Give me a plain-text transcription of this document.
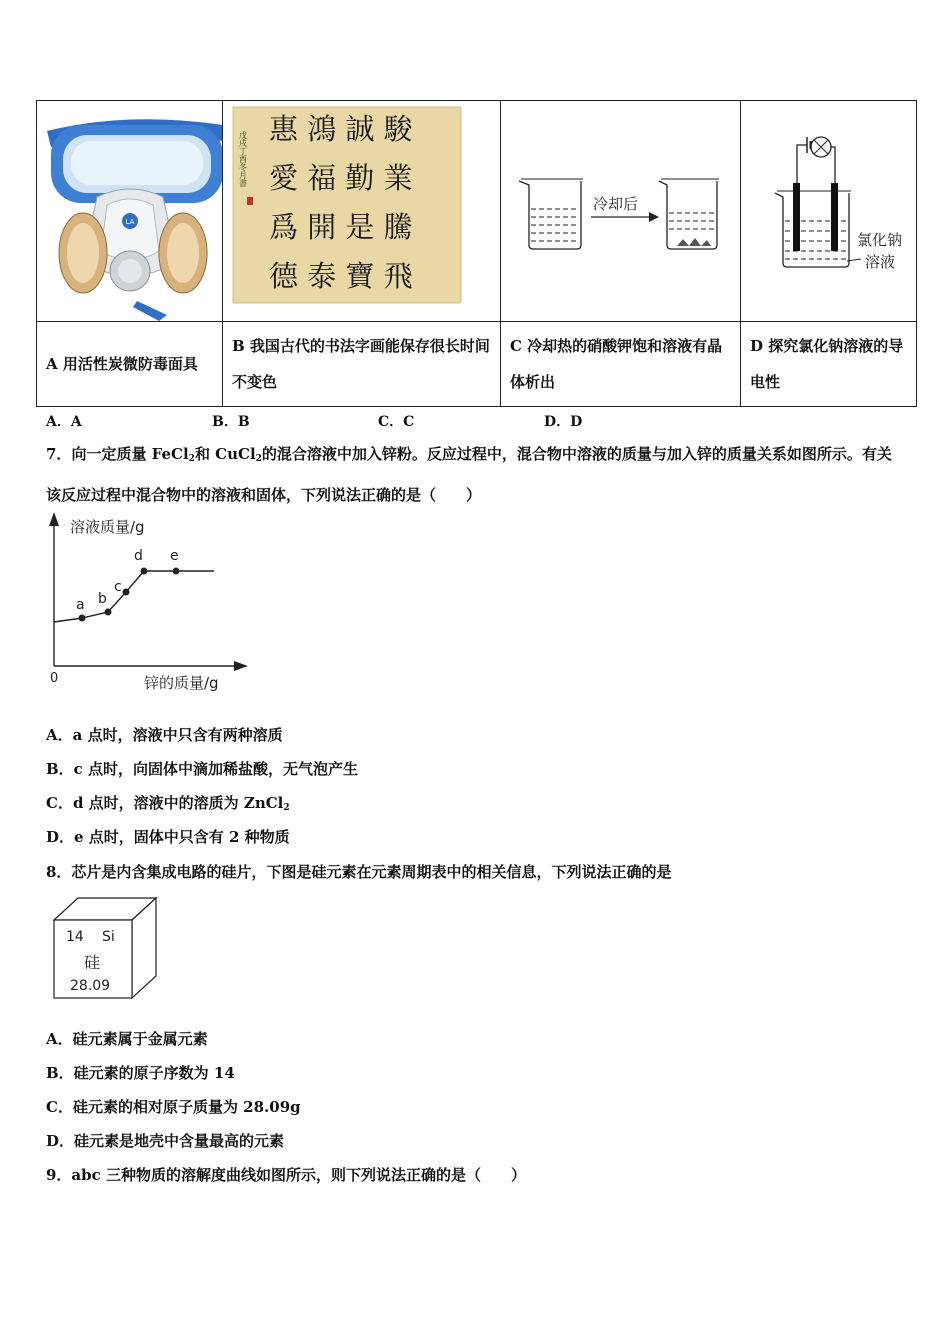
LA	戊戌丁酉冬月書
惠 鴻 誠 駿
愛 福 勤 業
爲 開 是 騰
德 泰 寶 飛	冷却后	氯化钠
溶液

A 用活性炭微防毒面具	B 我国古代的书法字画能保存很长时间不变色	C 冷却热的硝酸钾饱和溶液有晶体析出	D 探究氯化钠溶液的导电性
A．A	B．B	C．C	D．D
7．向一定质量 FeCl$_2$和 CuCl$_2$的混合溶液中加入锌粉。反应过程中，混合物中溶液的质量与加入锌的质量关系如图所示。有关该反应过程中混合物中的溶液和固体，下列说法正确的是（　　）
溶液质量/g
锌的质量/g
0
a b
c
d e
A．a 点时，溶液中只含有两种溶质
B．c 点时，向固体中滴加稀盐酸，无气泡产生
C．d 点时，溶液中的溶质为 ZnCl$_2$
D．e 点时，固体中只含有 2 种物质
8．芯片是内含集成电路的硅片，下图是硅元素在元素周期表中的相关信息，下列说法正确的是
14 Si
硅
28.09
A．硅元素属于金属元素
B．硅元素的原子序数为 14
C．硅元素的相对原子质量为 28.09g
D．硅元素是地壳中含量最高的元素
9．abc 三种物质的溶解度曲线如图所示，则下列说法正确的是（　　）
